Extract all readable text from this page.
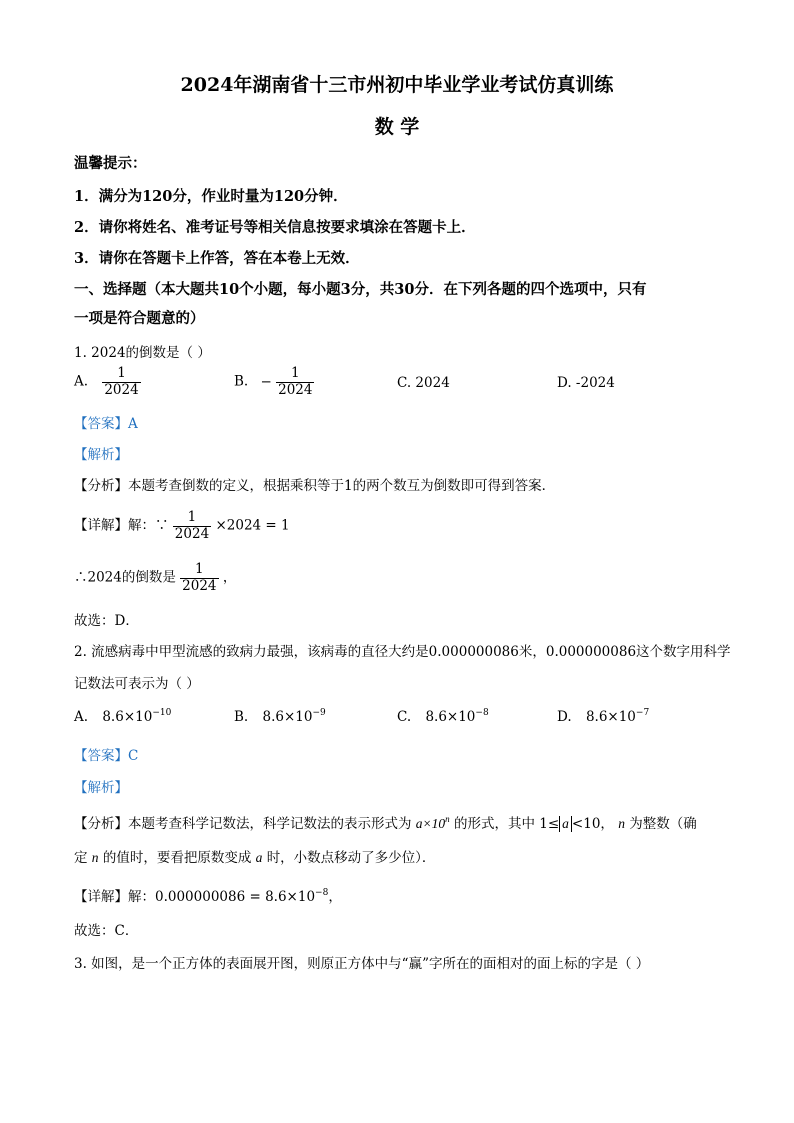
2024年湖南省十三市州初中毕业学业考试仿真训练
数 学
温馨提示：
1．满分为120分，作业时量为120分钟．
2．请你将姓名、准考证号等相关信息按要求填涂在答题卡上．
3．请你在答题卡上作答，答在本卷上无效．
一、选择题（本大题共10个小题，每小题3分，共30分．在下列各题的四个选项中，只有
一项是符合题意的）
1. 2024的倒数是（ ）
A. $\frac{1}{2024}$	B. − $\frac{1}{2024}$	C. 2024	D. -2024
【答案】A
【解析】
【分析】本题考查倒数的定义，根据乘积等于1的两个数互为倒数即可得到答案．
【详解】解：∵ $\frac{1}{2024} \times 2024 = 1$
∴2024的倒数是 $\frac{1}{2024}$ ，
故选：D．
2. 流感病毒中甲型流感的致病力最强，该病毒的直径大约是0.000000086米，0.000000086这个数字用科学
记数法可表示为（ ）
A. $8.6\times 10^{-10}$	B. $8.6\times 10^{-9}$	C. $8.6\times 10^{-8}$	D. $8.6\times 10^{-7}$
【答案】C
【解析】
【分析】本题考查科学记数法，科学记数法的表示形式为 $a\times 10^n$ 的形式，其中 1≤ a <10， n 为整数（确
定 n 的值时，要看把原数变成 a 时，小数点移动了多少位）．
【详解】解：$0.000000086 = 8.6\times 10^{-8}$，
故选：C．
3. 如图，是一个正方体的表面展开图，则原正方体中与“赢”字所在的面相对的面上标的字是（ ）
